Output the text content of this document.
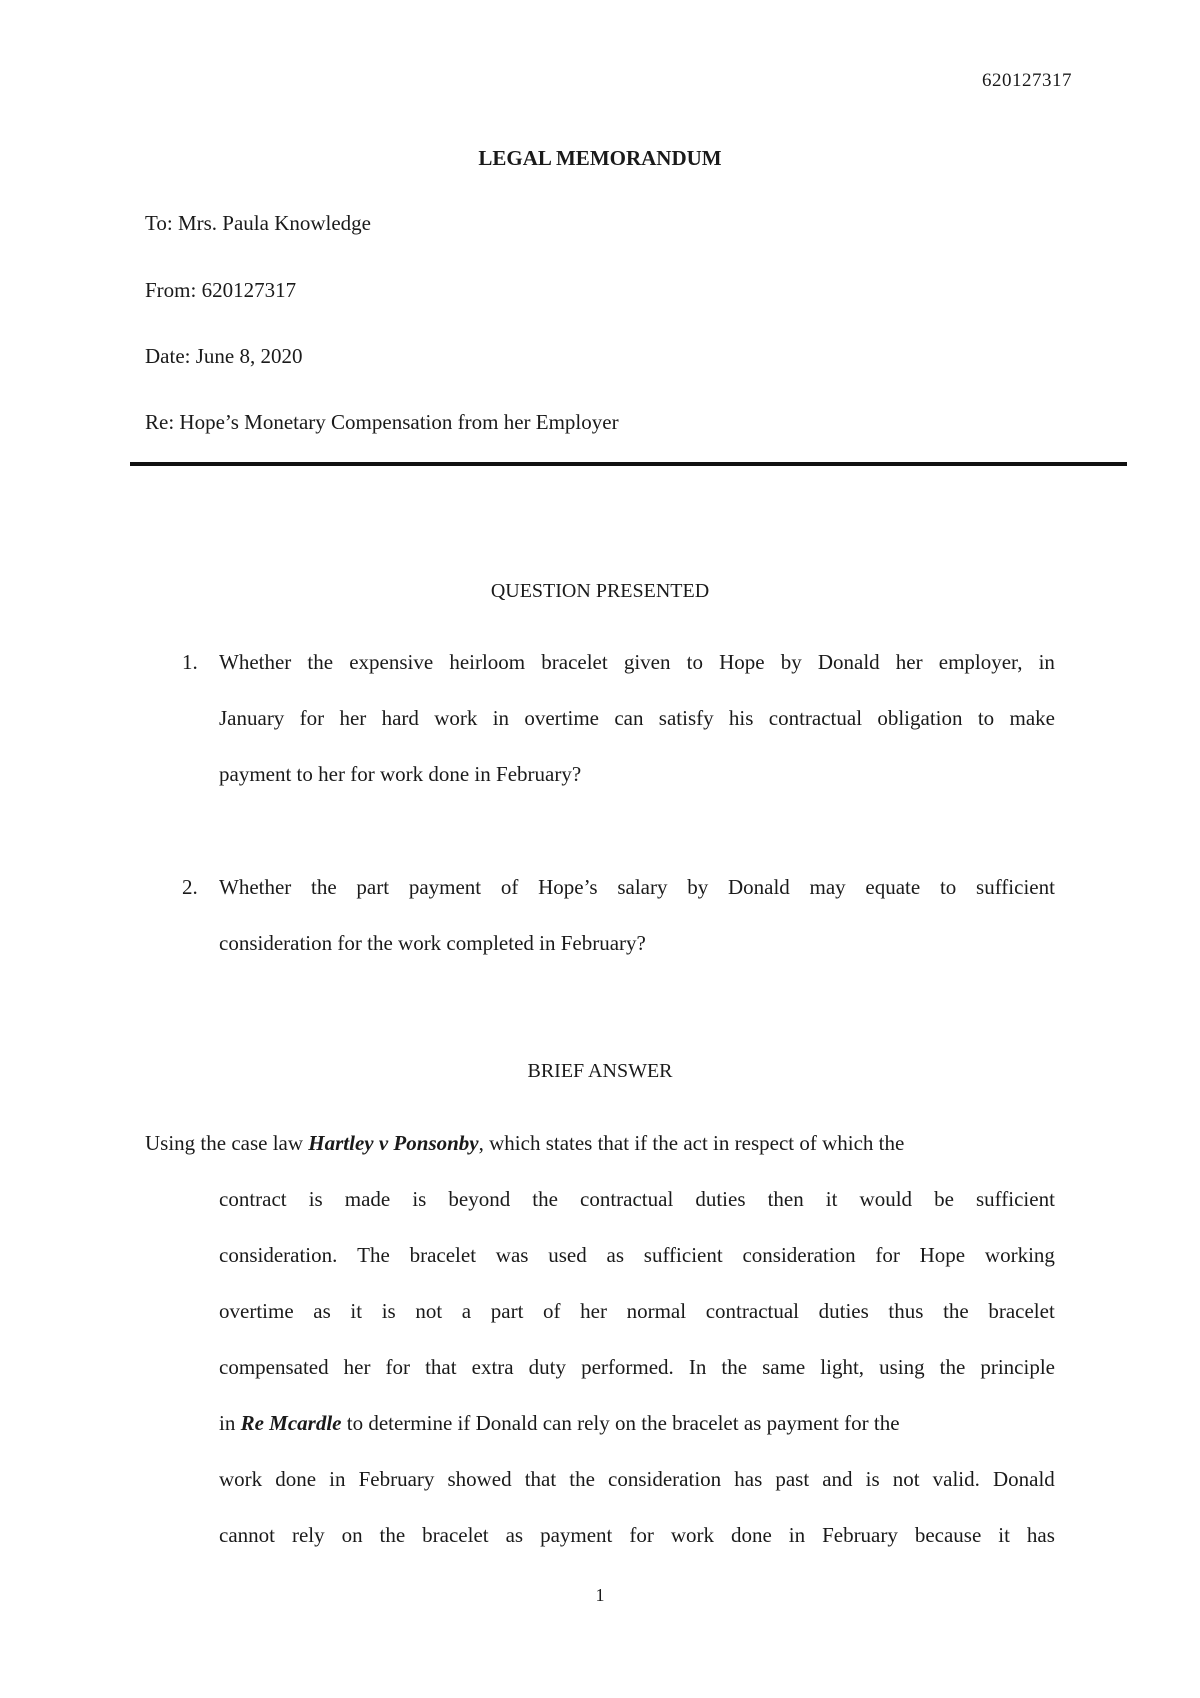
620127317
LEGAL MEMORANDUM
To: Mrs. Paula Knowledge
From: 620127317
Date: June 8, 2020
Re: Hope’s Monetary Compensation from her Employer
QUESTION PRESENTED
1. Whether the expensive heirloom bracelet given to Hope by Donald her employer, in
January for her hard work in overtime can satisfy his contractual obligation to make
payment to her for work done in February?
2. Whether the part payment of Hope’s salary by Donald may equate to sufficient
consideration for the work completed in February?
BRIEF ANSWER
Using the case law Hartley v Ponsonby, which states that if the act in respect of which the
contract is made is beyond the contractual duties then it would be sufficient
consideration. The bracelet was used as sufficient consideration for Hope working
overtime as it is not a part of her normal contractual duties thus the bracelet
compensated her for that extra duty performed. In the same light, using the principle
in Re Mcardle to determine if Donald can rely on the bracelet as payment for the
work done in February showed that the consideration has past and is not valid. Donald
cannot rely on the bracelet as payment for work done in February because it has
1
